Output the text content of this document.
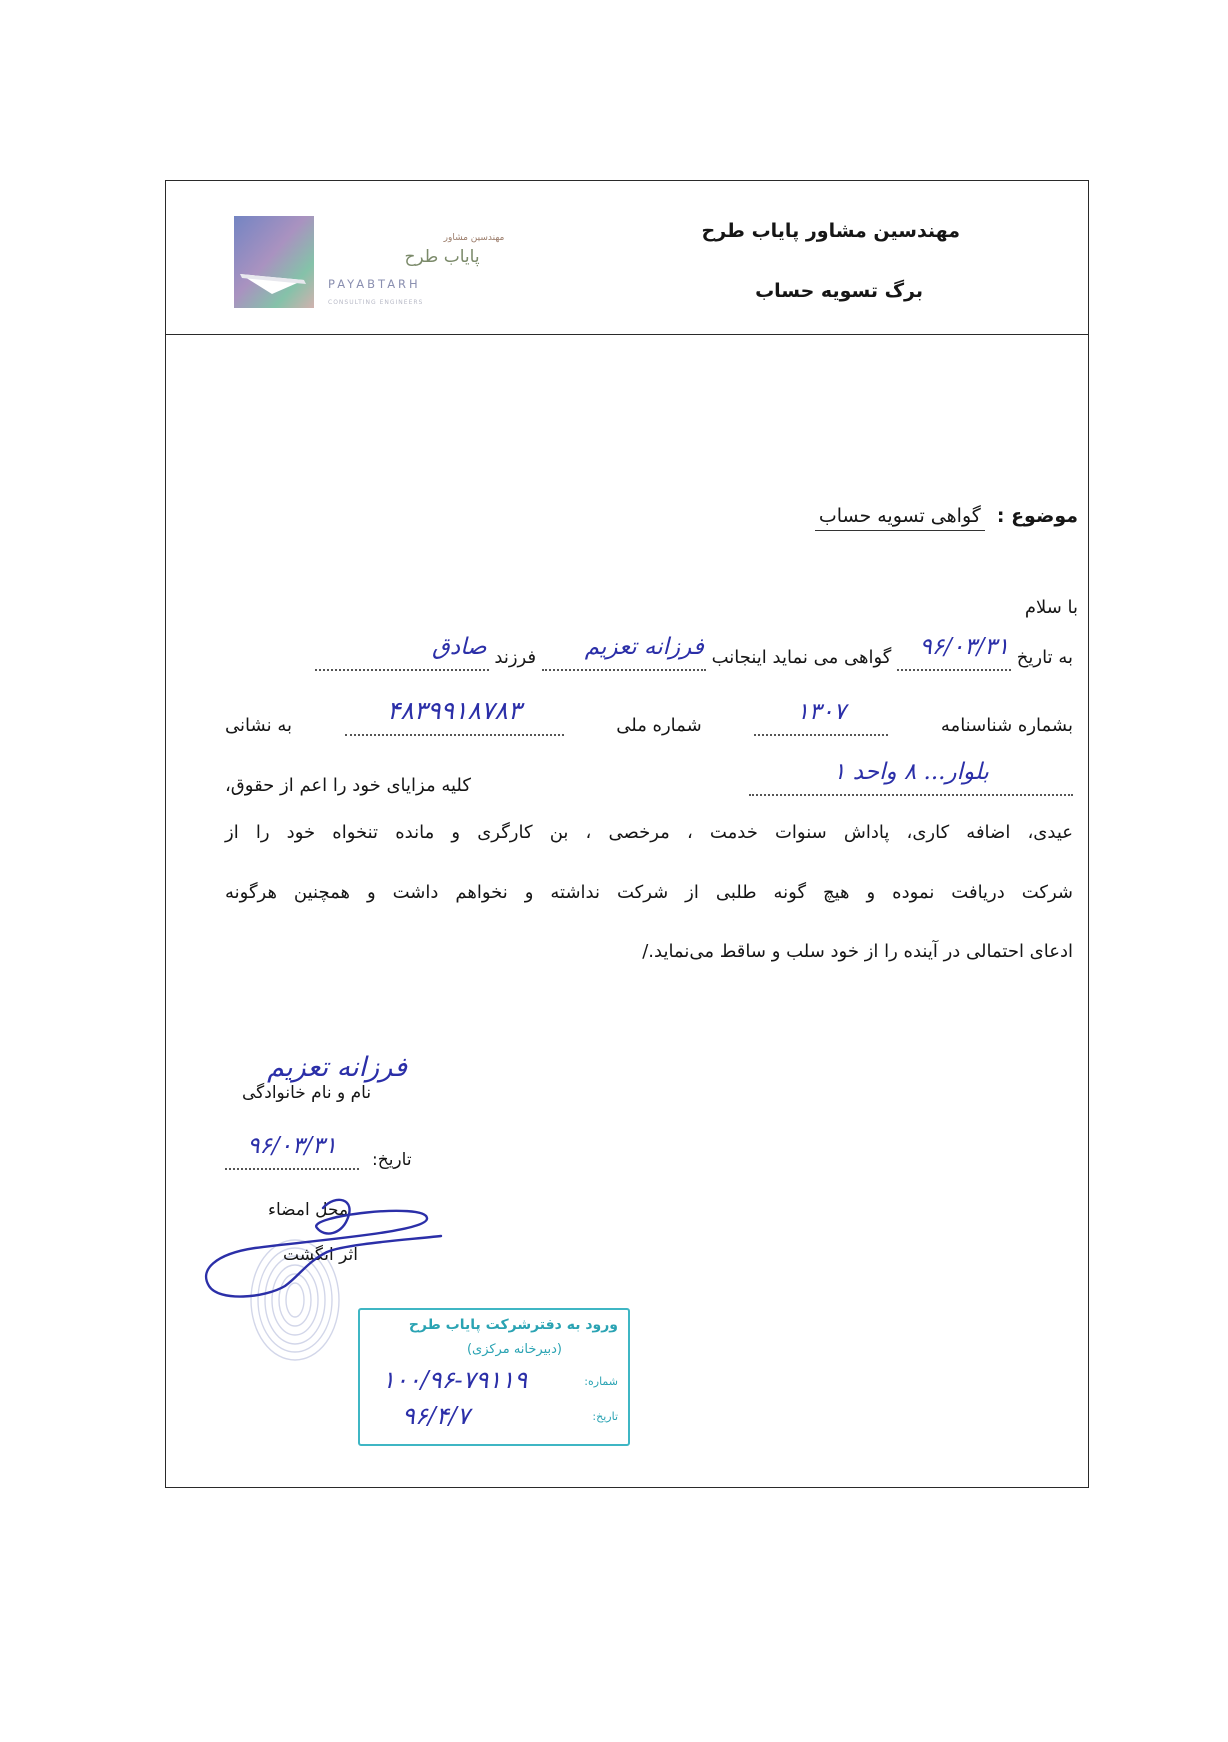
مهندسین مشاور
پایاب طرح
PAYABTARH
CONSULTING ENGINEERS
مهندسین مشاور پایاب طرح
برگ تسویه حساب
موضوع : گواهی تسویه حساب
با سلام
به تاریخ ۹۶/۰۳/۳۱ گواهی می نماید اینجانب فرزانه تعزیم فرزند صادق
بشماره شناسنامه
۱۳۰۷
شماره ملی
۴۸۳۹۹۱۸۷۸۳
به نشانی
بلوار... ۸ واحد ۱
کلیه مزایای خود را اعم از حقوق،
عیدی، اضافه کاری، پاداش سنوات خدمت ، مرخصی ، بن کارگری و مانده تنخواه خود را از
شرکت دریافت نموده و هیچ گونه طلبی از شرکت نداشته و نخواهم داشت و همچنین هرگونه
ادعای احتمالی در آینده را از خود سلب و ساقط می‌نماید./
فرزانه تعزیم
نام و نام خانوادگی
۹۶/۰۳/۳۱
تاریخ:
محل امضاء
اثر انگشت
ورود به دفترشرکت پایاب طرح
(دبیرخانه مرکزی)
شماره:
۱۰۰/۹۶-۷۹۱۱۹
تاریخ:
۹۶/۴/۷
